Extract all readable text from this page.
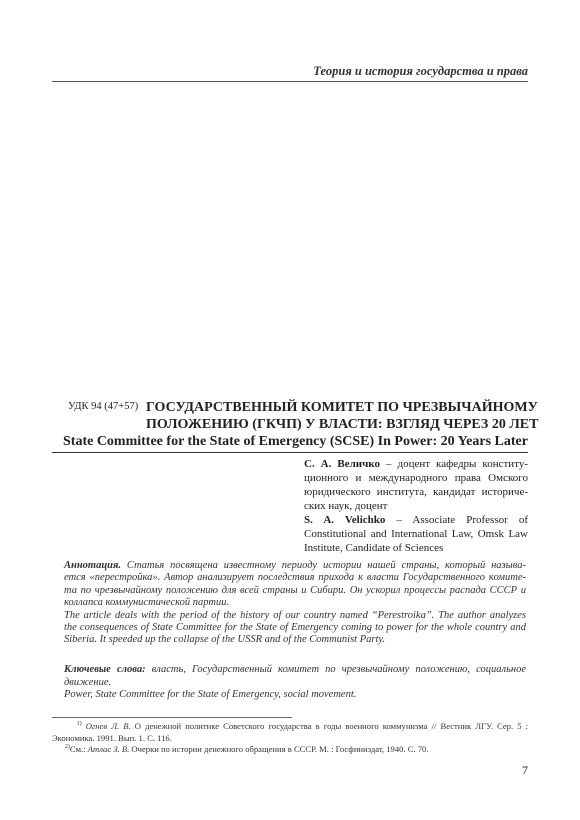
Теория и история государства и права
УДК 94 (47+57) ГОСУДАРСТВЕННЫЙ КОМИТЕТ ПО ЧРЕЗВЫЧАЙНОМУ
ПОЛОЖЕНИЮ (ГКЧП) У ВЛАСТИ: ВЗГЛЯД ЧЕРЕЗ 20 ЛЕТ
State Committee for the State of Emergency (SCSE) In Power: 20 Years Later
С. А. Величко – доцент кафедры конститу-
ционного и международного права Омского
юридического института, кандидат историче-
ских наук, доцент
S. A. Velichko – Associate Professor of
Constitutional and International Law, Omsk Law
Institute, Candidate of Sciences
Аннотация. Статья посвящена известному периоду истории нашей страны, который называ-
ется «перестройка». Автор анализирует последствия прихода к власти Государственного комите-
та по чрезвычайному положению для всей страны и Сибири. Он ускорил процессы распада СССР и
коллапса коммунистической партии.
The article deals with the period of the history of our country named “Perestroika”. The author analyzes
the consequences of State Committee for the State of Emergency coming to power for the whole country and
Siberia. It speeded up the collapse of the USSR and of the Communist Party.
Ключевые слова: власть, Государственный комитет по чрезвычайному положению, социальное
движение.
Power, State Committee for the State of Emergency, social movement.
$^{1)}$ Огнев Л. В. О денежной политике Советского государства в годы военного коммунизма // Вестник ЛГУ. Сер. 5 :
Экономика. 1991. Вып. 1. С. 116.
$^{2)}$См.: Атлас З. В. Очерки по истории денежного обращения в СССР. М. : Госфиниздат, 1940. С. 70.
7
